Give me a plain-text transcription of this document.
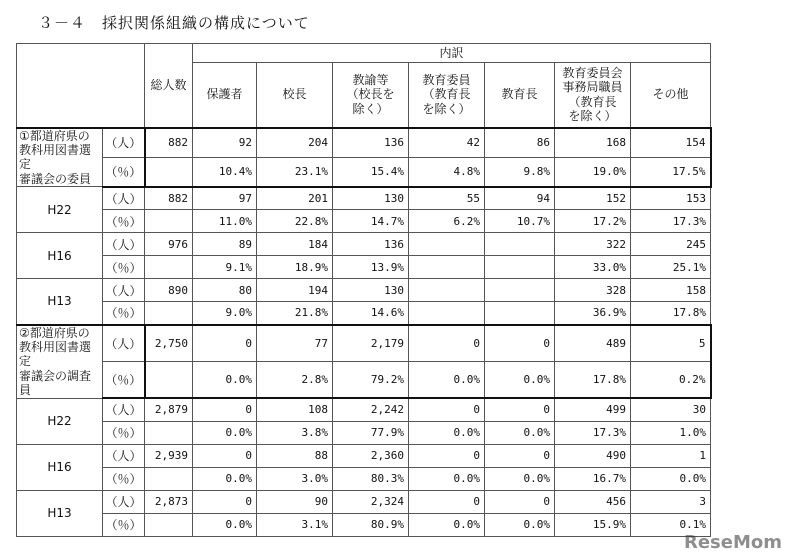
３－４　採択関係組織の構成について
		総人数	内訳						
			保護者	校長	教諭等
（校長を
除く）	教育委員
（教育長
を除く）	教育長	教育委員会
事務局職員
（教育長
を除く）	その他
①都道府県の
教科用図書選定
審議会の委員	（人）	882	92	204	136	42	86	168	154
	（％）		10.4%	23.1%	15.4%	4.8%	9.8%	19.0%	17.5%
H22	（人）	882	97	201	130	55	94	152	153
	（％）		11.0%	22.8%	14.7%	6.2%	10.7%	17.2%	17.3%
H16	（人）	976	89	184	136			322	245
	（％）		9.1%	18.9%	13.9%			33.0%	25.1%
H13	（人）	890	80	194	130			328	158
	（％）		9.0%	21.8%	14.6%			36.9%	17.8%
②都道府県の
教科用図書選定
審議会の調査員	（人）	2,750	0	77	2,179	0	0	489	5
	（％）		0.0%	2.8%	79.2%	0.0%	0.0%	17.8%	0.2%
H22	（人）	2,879	0	108	2,242	0	0	499	30
	（％）		0.0%	3.8%	77.9%	0.0%	0.0%	17.3%	1.0%
H16	（人）	2,939	0	88	2,360	0	0	490	1
	（％）		0.0%	3.0%	80.3%	0.0%	0.0%	16.7%	0.0%
H13	（人）	2,873	0	90	2,324	0	0	456	3
	（％）		0.0%	3.1%	80.9%	0.0%	0.0%	15.9%	0.1%
ReseMom
